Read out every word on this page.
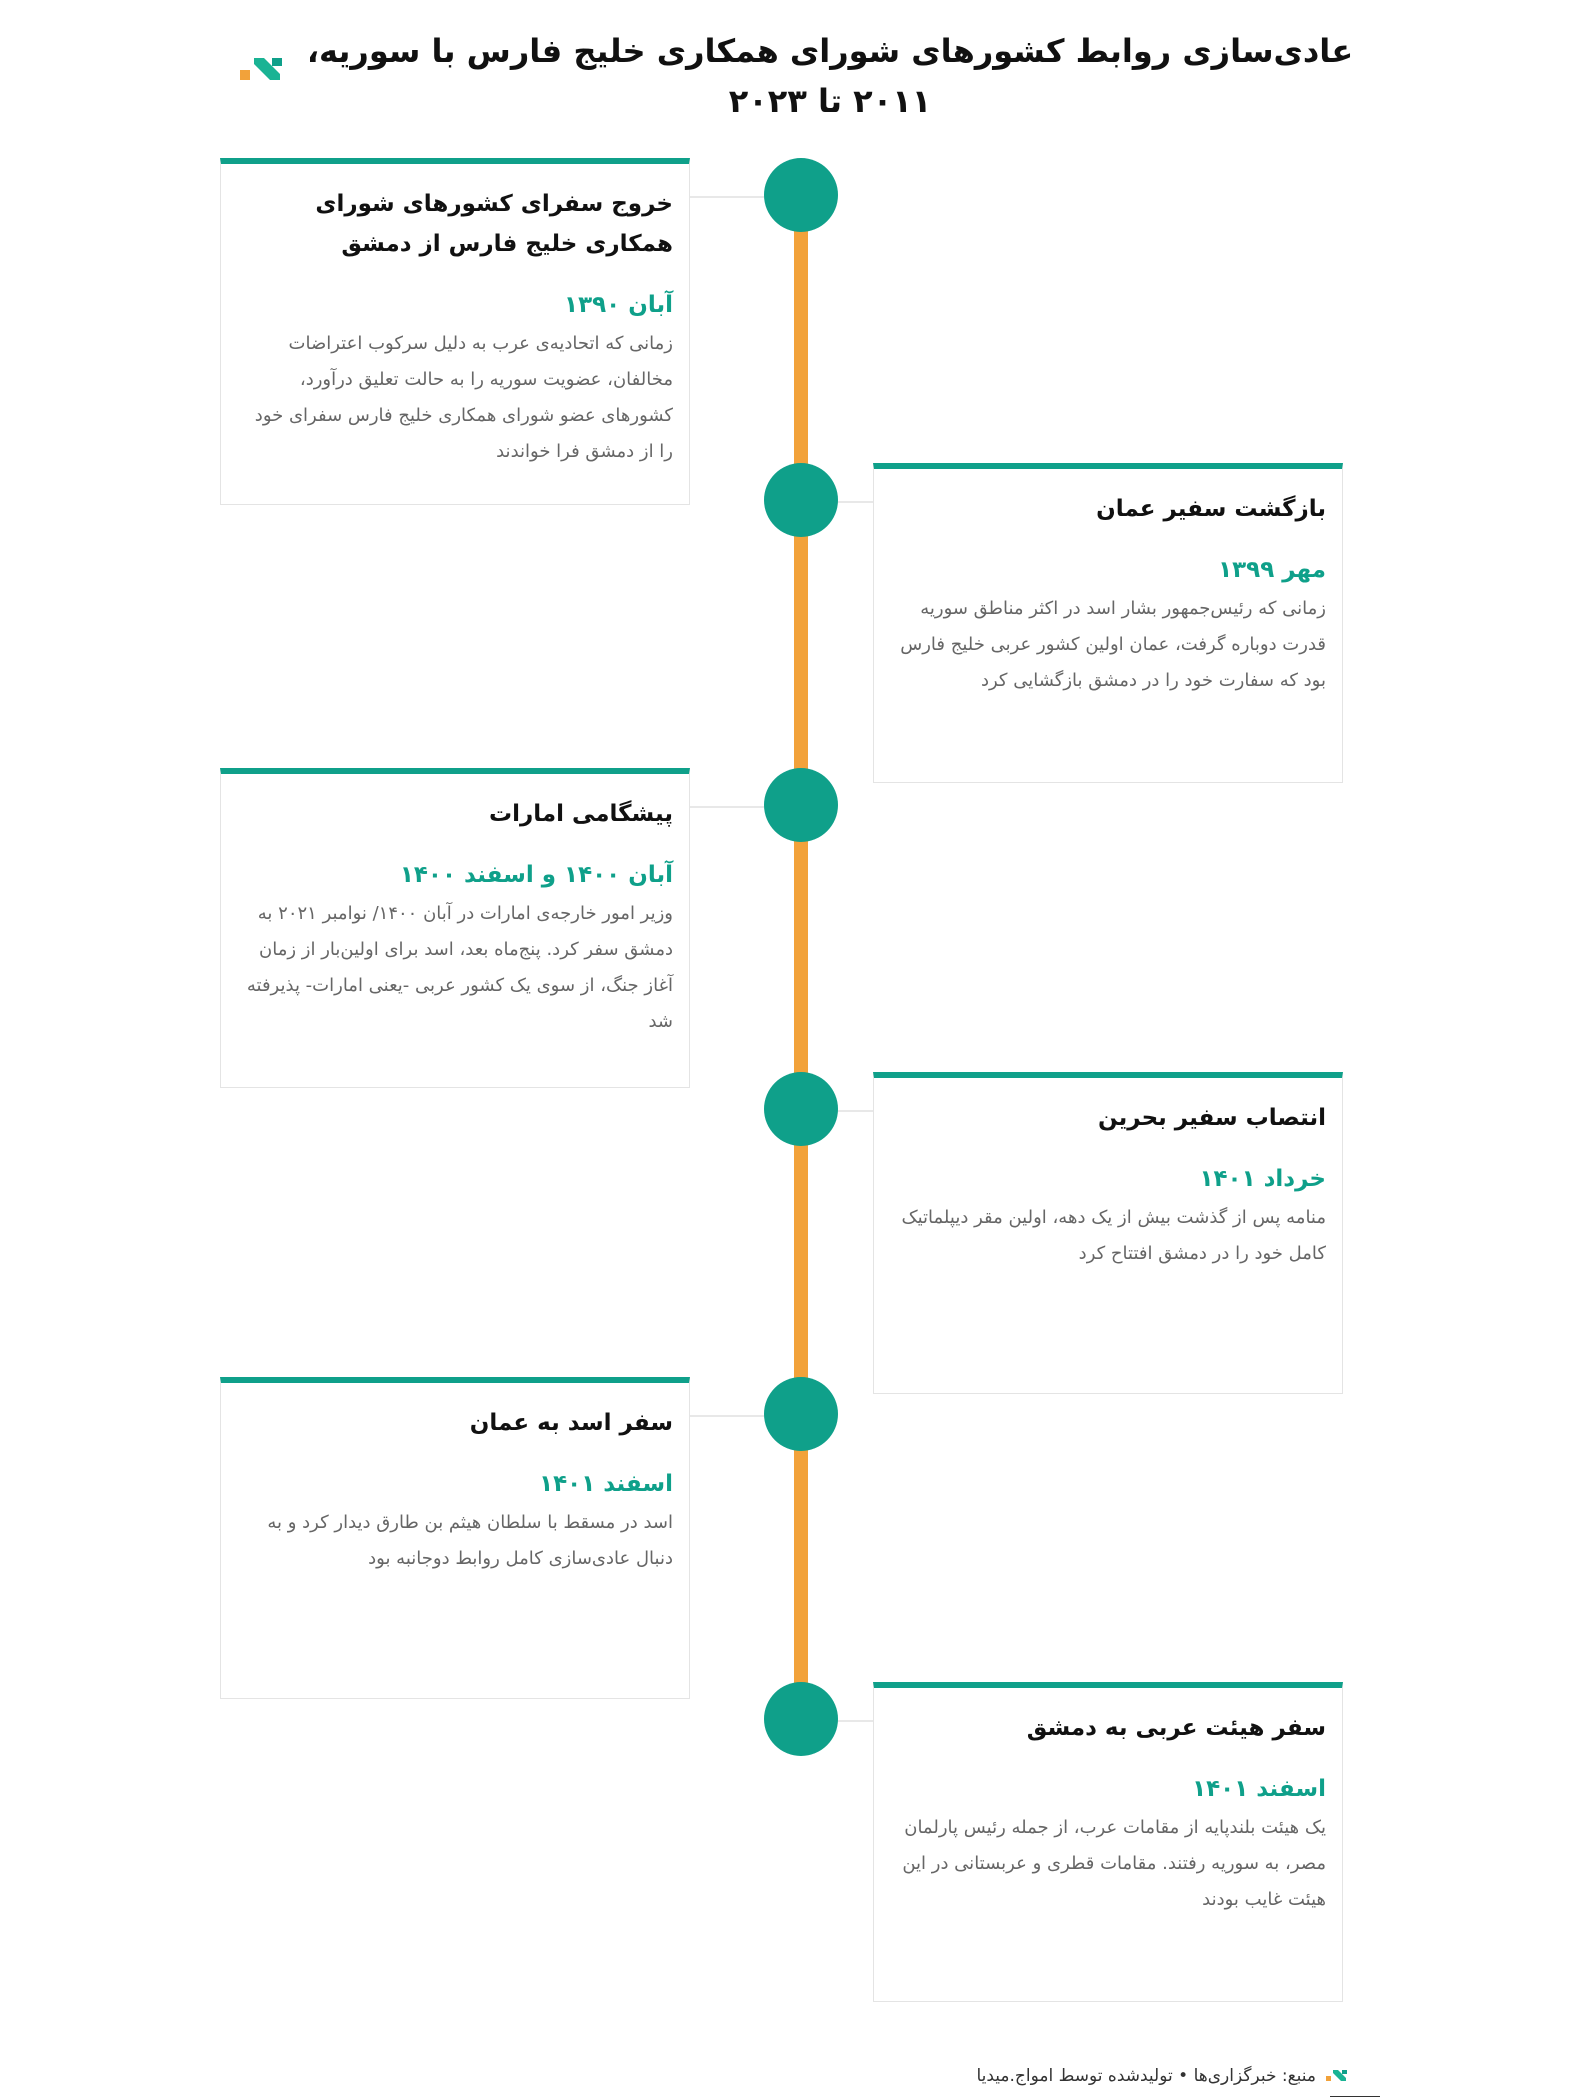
عادی‌سازی روابط کشورهای شورای همکاری خلیج فارس با سوریه، ۲۰۱۱ تا ۲۰۲۳
خروج سفرای کشورهای شورای همکاری خلیج فارس از دمشق
آبان ۱۳۹۰

زمانی که اتحادیه‌ی عرب به دلیل سرکوب اعتراضات مخالفان، عضویت سوریه را به حالت تعلیق درآورد، کشورهای عضو شورای همکاری خلیج فارس سفرای خود را از دمشق فرا خواندند

بازگشت سفیر عمان
مهر ۱۳۹۹

زمانی که رئیس‌جمهور بشار اسد در اکثر مناطق سوریه قدرت دوباره گرفت، عمان اولین کشور عربی خلیج فارس بود که سفارت خود را در دمشق بازگشایی کرد

پیشگامی امارات
آبان ۱۴۰۰ و اسفند ۱۴۰۰

وزیر امور خارجه‌ی امارات در آبان ۱۴۰۰/ نوامبر ۲۰۲۱ به دمشق سفر کرد. پنج‌ماه بعد، اسد برای اولین‌بار از زمان آغاز جنگ، از سوی یک کشور عربی -یعنی امارات- پذیرفته شد

انتصاب سفیر بحرین
خرداد ۱۴۰۱

منامه پس از گذشت بیش از یک دهه، اولین مقر دیپلماتیک کامل خود را در دمشق افتتاح کرد

سفر اسد به عمان
اسفند ۱۴۰۱

اسد در مسقط با سلطان هیثم بن طارق دیدار کرد و به دنبال عادی‌سازی کامل روابط دوجانبه بود

سفر هیئت عربی به دمشق
اسفند ۱۴۰۱

یک هیئت بلندپایه از مقامات عرب، از جمله رئیس پارلمان مصر، به سوریه رفتند. مقامات قطری و عربستانی در این هیئت غایب بودند

منبع: خبرگزاری‌ها • تولیدشده توسط امواج.میدیا
